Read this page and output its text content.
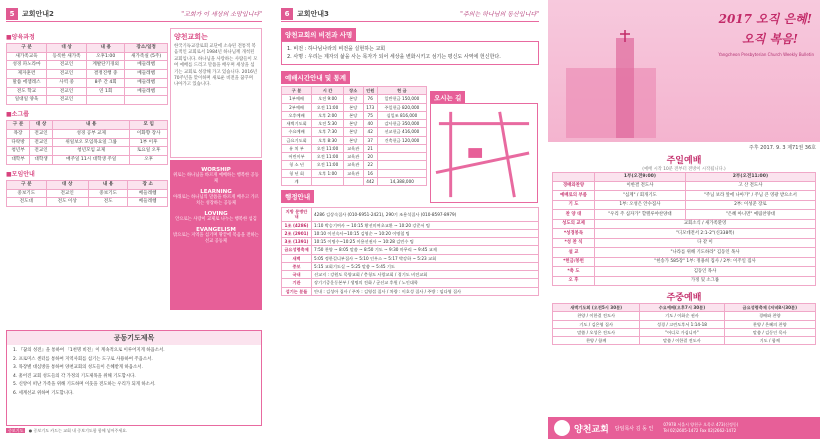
5	교회안내2	"교회가 이 세상의 소망입니다"
■양육과정
구 분	대 상	내 용	장소/일정
새가족교육	등록한 새가족	오후1:00	새가족실 (5주)
성경 파노라마	전교인	계발단기경외	베들레헴
제자훈련	전교인	결정진행 중	베들레헴
말씀 에젬레스	사역 중	8주 간 4회	베들레헴
전도 학교	전교인	연 1회	베들레헴
일대일 양육	전교인		
■소그룹
구 분	대 상	내 용	모 임
목장	전교인	성경 공부 교제	이화향 장사
다락방	전교인	위일보오 모임목요일 그룹	1부 이후
청년부	전교인	청년모임 교제	토요일 오후
대학부	대학생	매주일 11시 대학생 주일	오후
■모임안내
구 분	대 상	내 용	장 소
중보기도	전교인	중보기도	베들레헴
전도대	전도 이상	전도	베들레헴
양천교회는
한국기독교장로회 교단에 소속된 전통적 복음적인 교회로서 1984년 하나님께 개척된 교회입니다. 하나님을 사랑하는 사람들이 모여 예배를 드리고 말씀을 배우며 세상을 섬기는 교회로 성장해 가고 있습니다. 2016년 70주년을 맞이하며 새로운 비전을 꿈꾸며 나아가고 있습니다.
WORSHIP
위로는 하나님을 바르게 예배하는 행복한 공동체
LEARNING
아래로는 하나님의 말씀을 바르게 배우고 가르치는 성장하는 공동체
LOVING
안으로는 사랑이 교제로 나누는 행복한 섬김
EVANGELISM
밖으로는 지역을 섬기며 땅끝에 복음을 전하는 선교 공동체
공동기도제목
1. 『꿈의 성전』을 통하여 「1천명 비전」이 계속적으로 이루어지게 하옵소서.
2. 프로미스 센터를 통하여 지역사회를 섬기는 도구로 사용하여 주옵소서.
3. 목장별 대심방을 통하여 양천교회의 성도들이 은혜받게 하옵소서.
4. 흩어진 교회 성도들의 각 가정의 기도제목을 위해 기도합시다.
5. 신앙이 떠난 가족을 위해 기도하며 이웃을 전도하는 우리가 되게 하소서.
6. 세계선교 위하여 기도합니다.
중보기도 ● 중보기도 카드는 교회 내 중보기도함 함에 넣어주세요.
6	교회안내3	"주의는 하나님의 동산입니다"
양천교회의 비전과 사명
1. 비전 : 하나님나라의 비전을 실현하는 교회
2. 사명 : 우리는 제자의 삶을 사는 목자가 되어 세상을 변화시키고 섬기는 평신도 사역에 헌신한다.
예배시간안내 및 통계
구 분	시 간	장소	인원	헌 금
1부예배	오전 9:00	본당	76	일반헌금 150,000
2부예배	오전 11:00	본당	173	주일헌금 820,000
오후예배	오후 2:00	본당	75	십일조 816,000
새벽기도회	오전 5:30	본당	40	감사헌금 350,000
수요예배	오후 7:30	본당	42	선교헌금 416,000
금요기도회	오후 8:30	본당	37	건축헌금 120,000
유 치 부	오전 11:00	교육관	21	
어린이부	오전 11:00	교육관	20	
청 소 년	오전 11:00	교육관	22	
청 년 회	오후 1:00	교육관	16	
계			442	14,388,000
오시는 길
행정안내
지방 문병안내	4286 김상숙집사 (010-6951-2421), 290기 조용석집사 (010-8597-8979)
1조 (4286)	1:10 박승기여사 ~ 10:15 황선미여초교환 ~ 10:20 강준서 팀
2조 (2901)	10:10 이선숙사~10:15 김영순 ~ 10:20 이명철 팀
3조 (1391)	10:15 이명수~10:25 이용선권사 ~ 10:28 김민수 팀
금요성령축제	7:50 찬양 ~ 8:05 말씀 ~ 8:50 기도 ~ 9:30 마무리 ~ 9:45 교제
새벽	5:05 정한길니부집사 ~ 5:10 인우스 ~ 5:17 박강하 ~ 5:23 교회
중보	5:15 교회기도실 ~ 5:25 말씀 ~ 5:45 기도
국내	선교지 : 강원도 목양교회 / 충청도 사랑교회 / 경기도 비전교회
기관	장기기증운동본부 / 생명의 전화 / 군선교 후원 / 노인대학
섬기는 분들	안내 : 김성아 집사 / 주차 : 김영섭 집사 / 차량 : 이호성 집사 / 주방 : 임다영 집사
2017 오직 은혜!
오직 복음!
Yangcheon Presbyterian Church Weekly Bulletin
주후 2017. 9. 3 제71권 36호
주일예배
(예배 시작 10분 전부터 전방이 시작됩니다.)
	1부(오전9:00)	2부(오전11:00)
경배와찬양	이한결 전도사	고 산 전도사
예배로의 부름	"십계" / 회개기도	"주님 보라 앞에 나아가" / 주님 큰 영광 받으소서
기 도	1부: 오성은 안수집사	2부: 이성준 장로
찬 양 대	"우리 주 십자가" 할렐루야찬양대	"은혜 아니면" 예림찬양대
성도의 교제	교회소식 / 새가족환영	
*성경봉독	"디모데전서 2:1-2"(신338쪽)	
*성 찬 식	다 같 이	
설 교	"나라를 위해 기도하라" 김동인 목사	
*헌금/봉헌	"헌송가 585장" 1부: 정용희 집사 / 2부: 이주일 집사	
*축 도	김동인 목사	
오 후	가정 및 소그룹	
주중예배
새벽기도회 (오전5시 30분)	수요예배(오후7시 30분)	금요성령축제 (저녁8시30분)
찬양 / 이한결 전도사	기도 / 이화순 권사	경배와 찬양
기도 / 김은영 집사	성경 / 고린도후서 1:14-18	찬양 / 은혜의 찬양
말씀 / 오성은 전도사	"어디로 가십니까"	말씀 / 김동인 목사
찬양 / 함께	말씀 / 이한결 전도사	기도 / 함께
양천교회 담임목사 김 동 인
07978 서울시 양천구 오목로 473(신정동)
Tel 02)2605-1472 Fax 02)2662-1472
